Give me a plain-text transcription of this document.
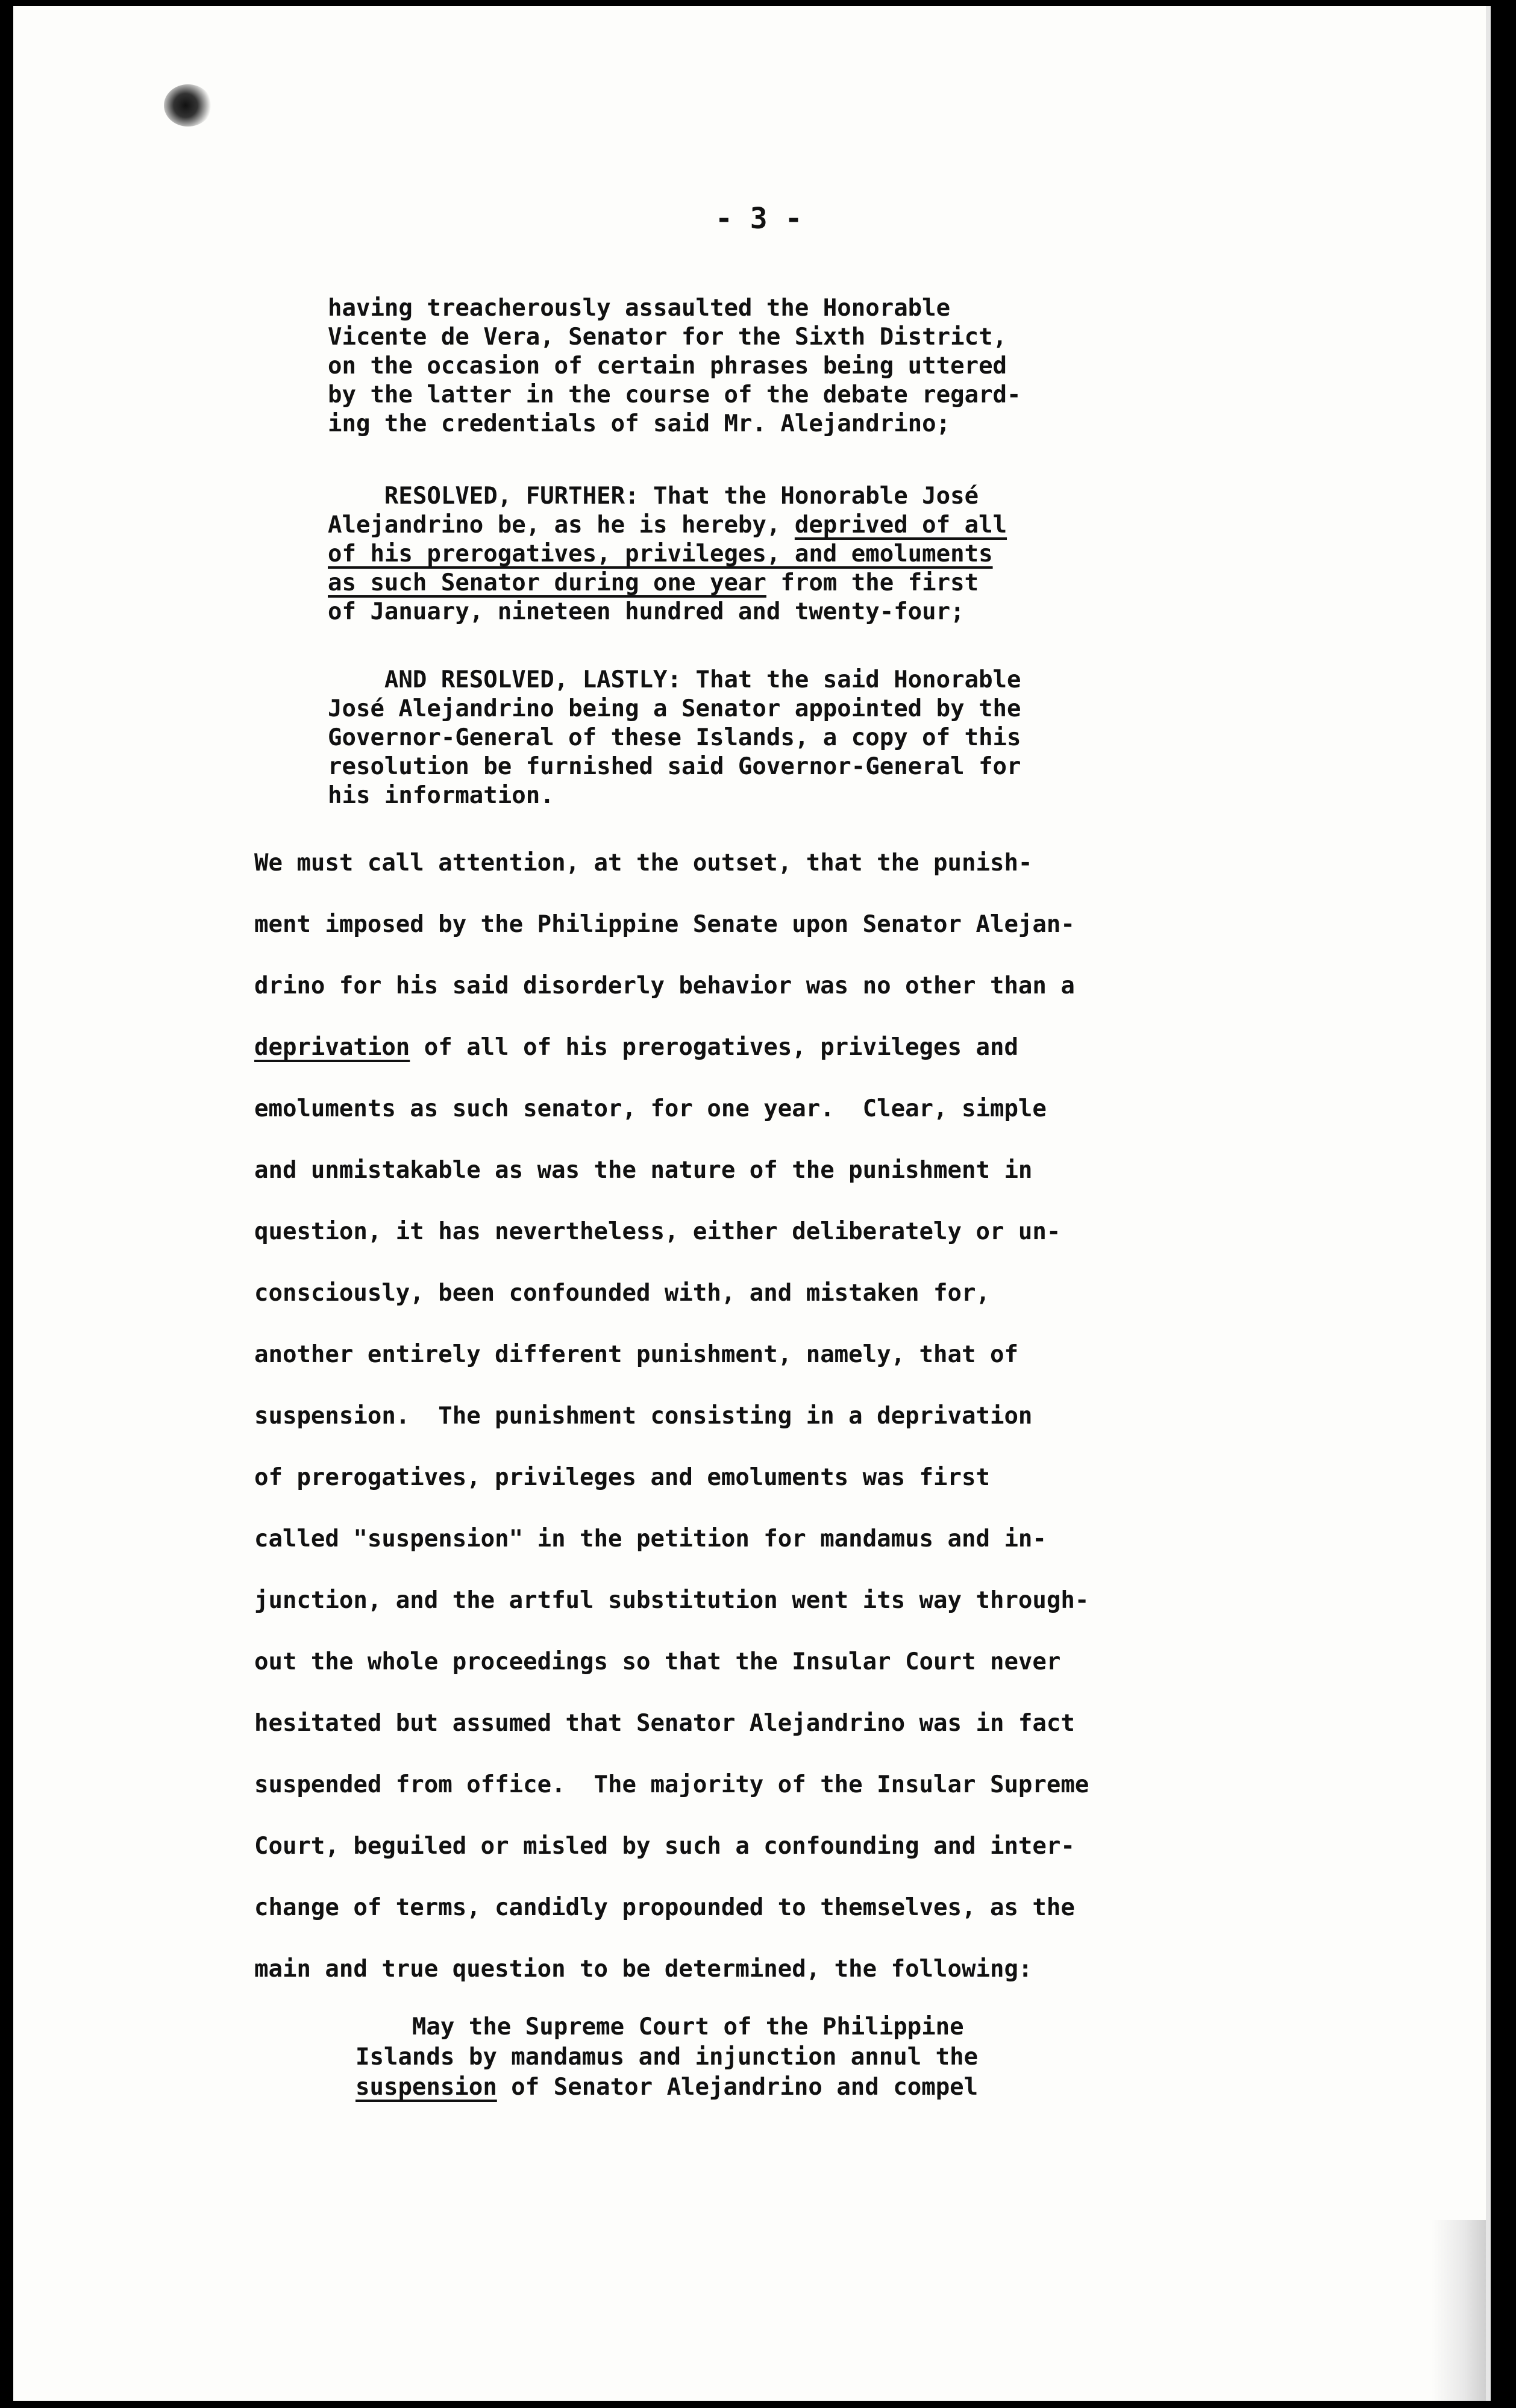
- 3 -
having treacherously assaulted the Honorable
Vicente de Vera, Senator for the Sixth District,
on the occasion of certain phrases being uttered
by the latter in the course of the debate regard-
ing the credentials of said Mr. Alejandrino;
RESOLVED, FURTHER: That the Honorable José
Alejandrino be, as he is hereby, deprived of all
of his prerogatives, privileges, and emoluments
as such Senator during one year from the first
of January, nineteen hundred and twenty-four;
AND RESOLVED, LASTLY: That the said Honorable
José Alejandrino being a Senator appointed by the
Governor-General of these Islands, a copy of this
resolution be furnished said Governor-General for
his information.
We must call attention, at the outset, that the punish-
ment imposed by the Philippine Senate upon Senator Alejan-
drino for his said disorderly behavior was no other than a
deprivation of all of his prerogatives, privileges and
emoluments as such senator, for one year.  Clear, simple
and unmistakable as was the nature of the punishment in
question, it has nevertheless, either deliberately or un-
consciously, been confounded with, and mistaken for,
another entirely different punishment, namely, that of
suspension.  The punishment consisting in a deprivation
of prerogatives, privileges and emoluments was first
called "suspension" in the petition for mandamus and in-
junction, and the artful substitution went its way through-
out the whole proceedings so that the Insular Court never
hesitated but assumed that Senator Alejandrino was in fact
suspended from office.  The majority of the Insular Supreme
Court, beguiled or misled by such a confounding and inter-
change of terms, candidly propounded to themselves, as the
main and true question to be determined, the following:
May the Supreme Court of the Philippine
Islands by mandamus and injunction annul the
suspension of Senator Alejandrino and compel
